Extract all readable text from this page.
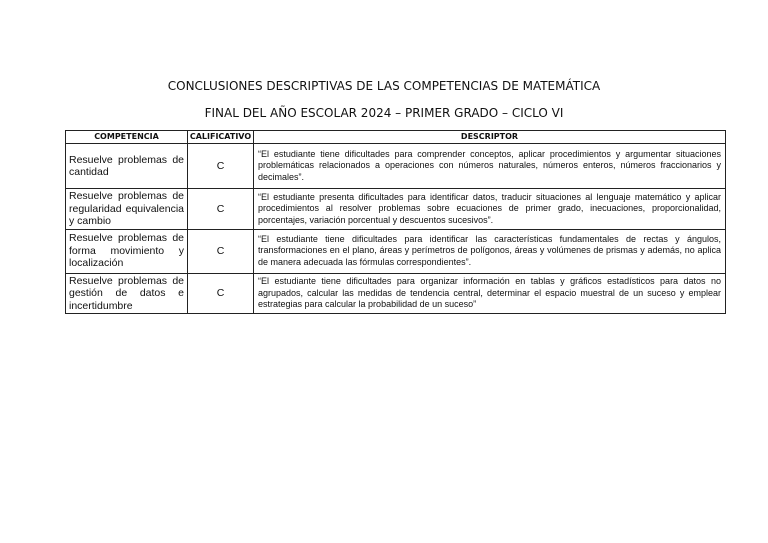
CONCLUSIONES DESCRIPTIVAS DE LAS COMPETENCIAS DE MATEMÁTICA
FINAL DEL AÑO ESCOLAR 2024 – PRIMER GRADO – CICLO VI
COMPETENCIA	CALIFICATIVO	DESCRIPTOR
Resuelve problemas de cantidad	C	“El estudiante tiene dificultades para comprender conceptos, aplicar procedimientos y argumentar situaciones problemáticas relacionados a operaciones con números naturales, números enteros, números fraccionarios y decimales”.
Resuelve problemas de regularidad equivalencia y cambio	C	“El estudiante presenta dificultades para identificar datos, traducir situaciones al lenguaje matemático y aplicar procedimientos al resolver problemas sobre ecuaciones de primer grado, inecuaciones, proporcionalidad, porcentajes, variación porcentual y descuentos sucesivos”.
Resuelve problemas de forma movimiento y localización	C	“El estudiante tiene dificultades para identificar las características fundamentales de rectas y ángulos, transformaciones en el plano, áreas y perímetros de polígonos, áreas y volúmenes de prismas y además, no aplica de manera adecuada las fórmulas correspondientes”.
Resuelve problemas de gestión de datos e incertidumbre	C	“El estudiante tiene dificultades para organizar información en tablas y gráficos estadísticos para datos no agrupados, calcular las medidas de tendencia central, determinar el espacio muestral de un suceso y emplear estrategias para calcular la probabilidad de un suceso”
